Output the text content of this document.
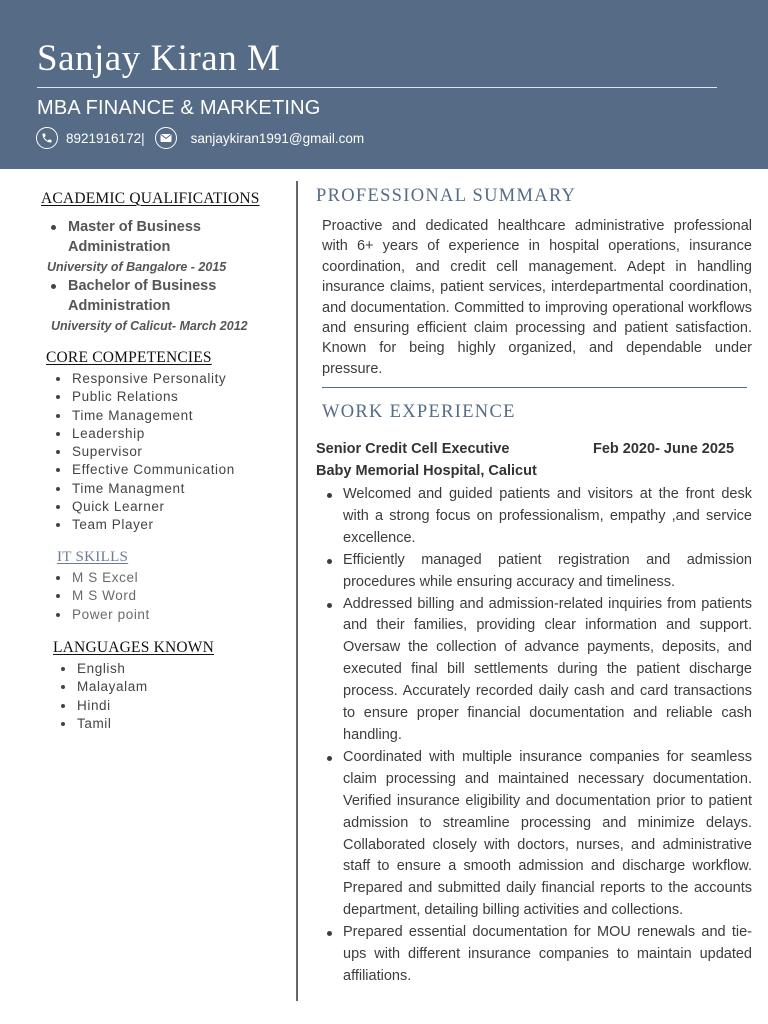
Sanjay Kiran M
MBA FINANCE & MARKETING
8921916172|	sanjaykiran1991@gmail.com
ACADEMIC QUALIFICATIONS
Master of Business Administration
University of Bangalore - 2015
Bachelor of Business Administration
University of Calicut- March 2012
CORE COMPETENCIES
Responsive Personality
Public Relations
Time Management
Leadership
Supervisor
Effective Communication
Time Managment
Quick Learner
Team Player
IT SKILLS
M S Excel
M S Word
Power point
LANGUAGES KNOWN
English
Malayalam
Hindi
Tamil
PROFESSIONAL SUMMARY

Proactive and dedicated healthcare administrative professional with 6+ years of experience in hospital operations, insurance coordination, and credit cell management. Adept in handling insurance claims, patient services, interdepartmental coordination, and documentation. Committed to improving operational workflows and ensuring efficient claim processing and patient satisfaction. Known for being highly organized, and dependable under pressure.

WORK EXPERIENCE
Senior Credit Cell Executive	Feb 2020- June 2025
Baby Memorial Hospital, Calicut
Welcomed and guided patients and visitors at the front desk with a strong focus on professionalism, empathy ,and service excellence.
Efficiently managed patient registration and admission procedures while ensuring accuracy and timeliness.
Addressed billing and admission-related inquiries from patients and their families, providing clear information and support. Oversaw the collection of advance payments, deposits, and executed final bill settlements during the patient discharge process. Accurately recorded daily cash and card transactions to ensure proper financial documentation and reliable cash handling.
Coordinated with multiple insurance companies for seamless claim processing and maintained necessary documentation. Verified insurance eligibility and documentation prior to patient admission to streamline processing and minimize delays. Collaborated closely with doctors, nurses, and administrative staff to ensure a smooth admission and discharge workflow. Prepared and submitted daily financial reports to the accounts department, detailing billing activities and collections.
Prepared essential documentation for MOU renewals and tie-ups with different insurance companies to maintain updated affiliations.
